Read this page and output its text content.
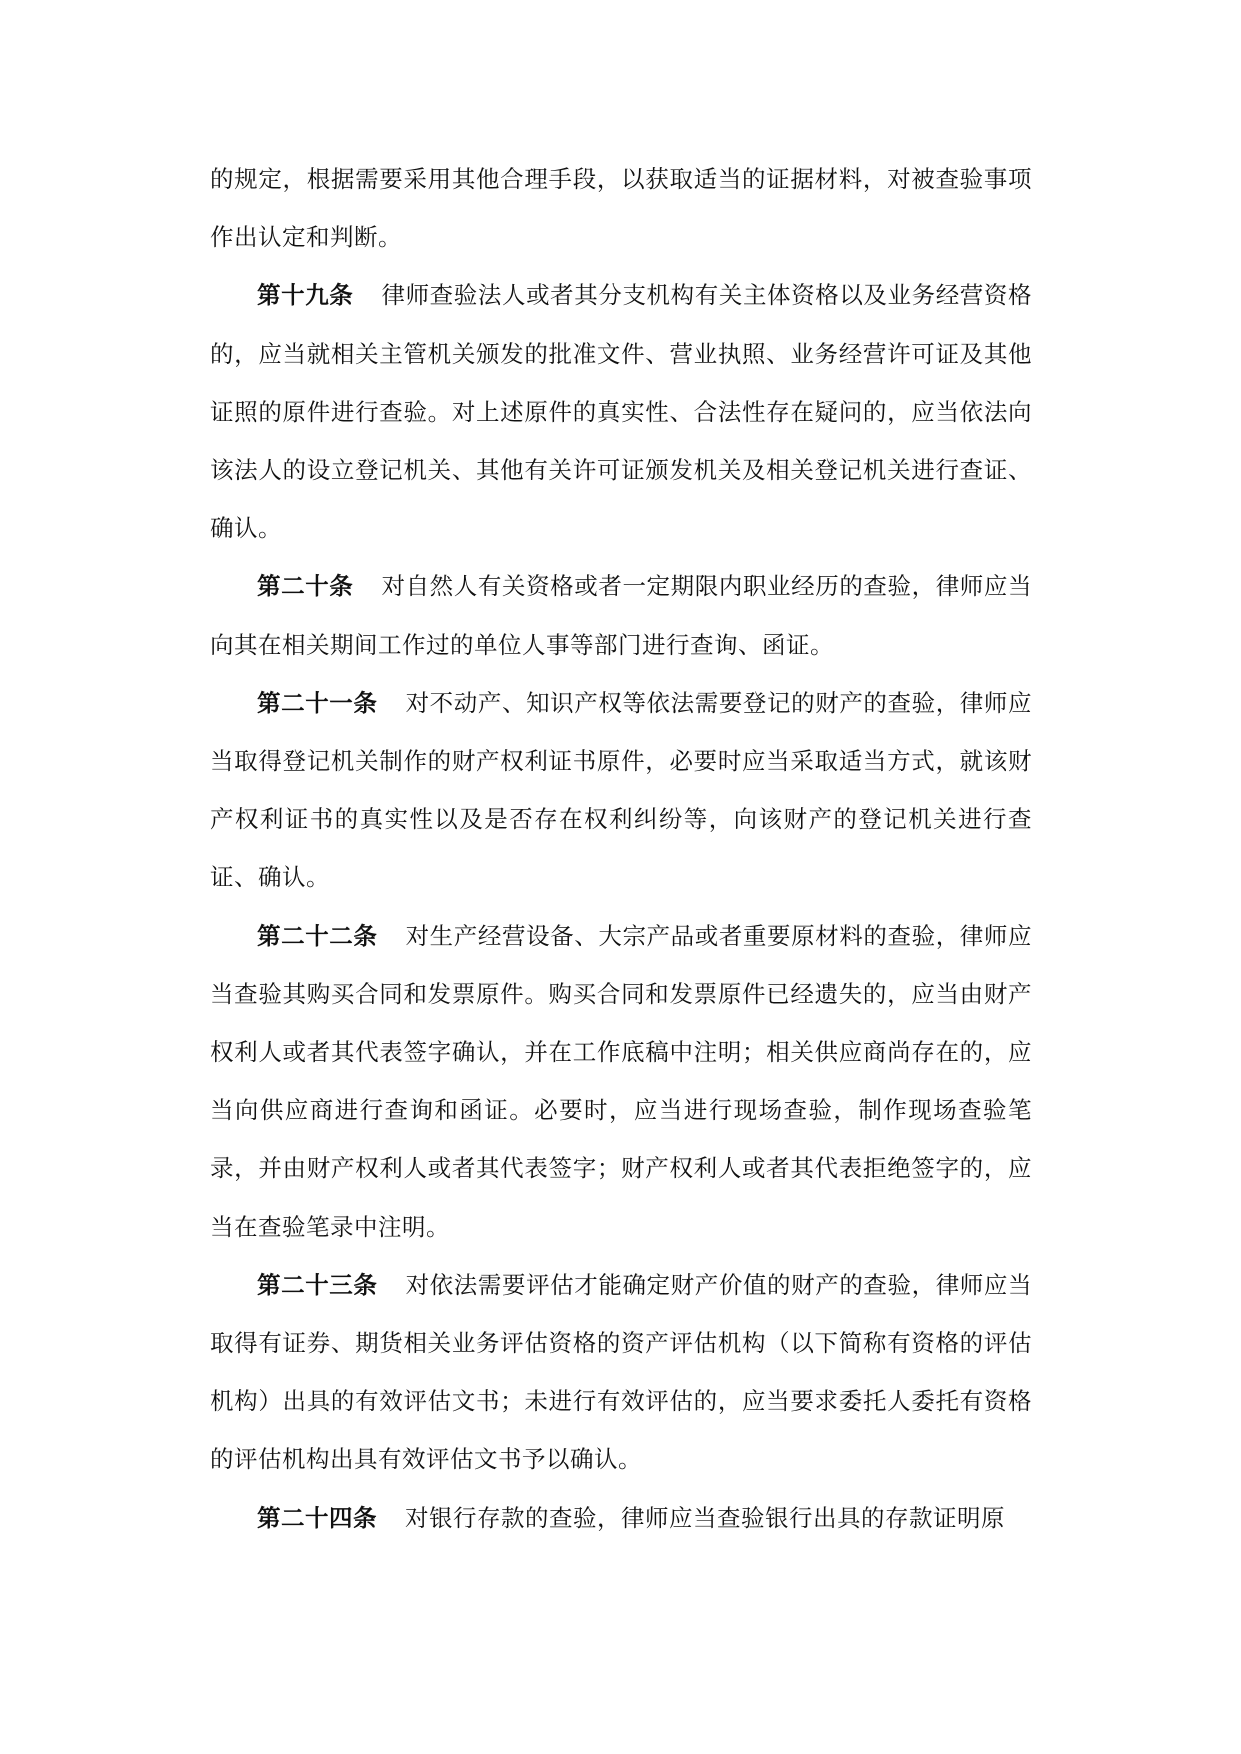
的规定，根据需要采用其他合理手段，以获取适当的证据材料，对被查验事项作出认定和判断。

第十九条 律师查验法人或者其分支机构有关主体资格以及业务经营资格的，应当就相关主管机关颁发的批准文件、营业执照、业务经营许可证及其他证照的原件进行查验。对上述原件的真实性、合法性存在疑问的，应当依法向该法人的设立登记机关、其他有关许可证颁发机关及相关登记机关进行查证、确认。

第二十条 对自然人有关资格或者一定期限内职业经历的查验，律师应当向其在相关期间工作过的单位人事等部门进行查询、函证。

第二十一条 对不动产、知识产权等依法需要登记的财产的查验，律师应当取得登记机关制作的财产权利证书原件，必要时应当采取适当方式，就该财产权利证书的真实性以及是否存在权利纠纷等，向该财产的登记机关进行查证、确认。

第二十二条 对生产经营设备、大宗产品或者重要原材料的查验，律师应当查验其购买合同和发票原件。购买合同和发票原件已经遗失的，应当由财产权利人或者其代表签字确认，并在工作底稿中注明；相关供应商尚存在的，应当向供应商进行查询和函证。必要时，应当进行现场查验，制作现场查验笔录，并由财产权利人或者其代表签字；财产权利人或者其代表拒绝签字的，应当在查验笔录中注明。

第二十三条 对依法需要评估才能确定财产价值的财产的查验，律师应当取得有证券、期货相关业务评估资格的资产评估机构（以下简称有资格的评估机构）出具的有效评估文书；未进行有效评估的，应当要求委托人委托有资格的评估机构出具有效评估文书予以确认。

第二十四条 对银行存款的查验，律师应当查验银行出具的存款证明原
